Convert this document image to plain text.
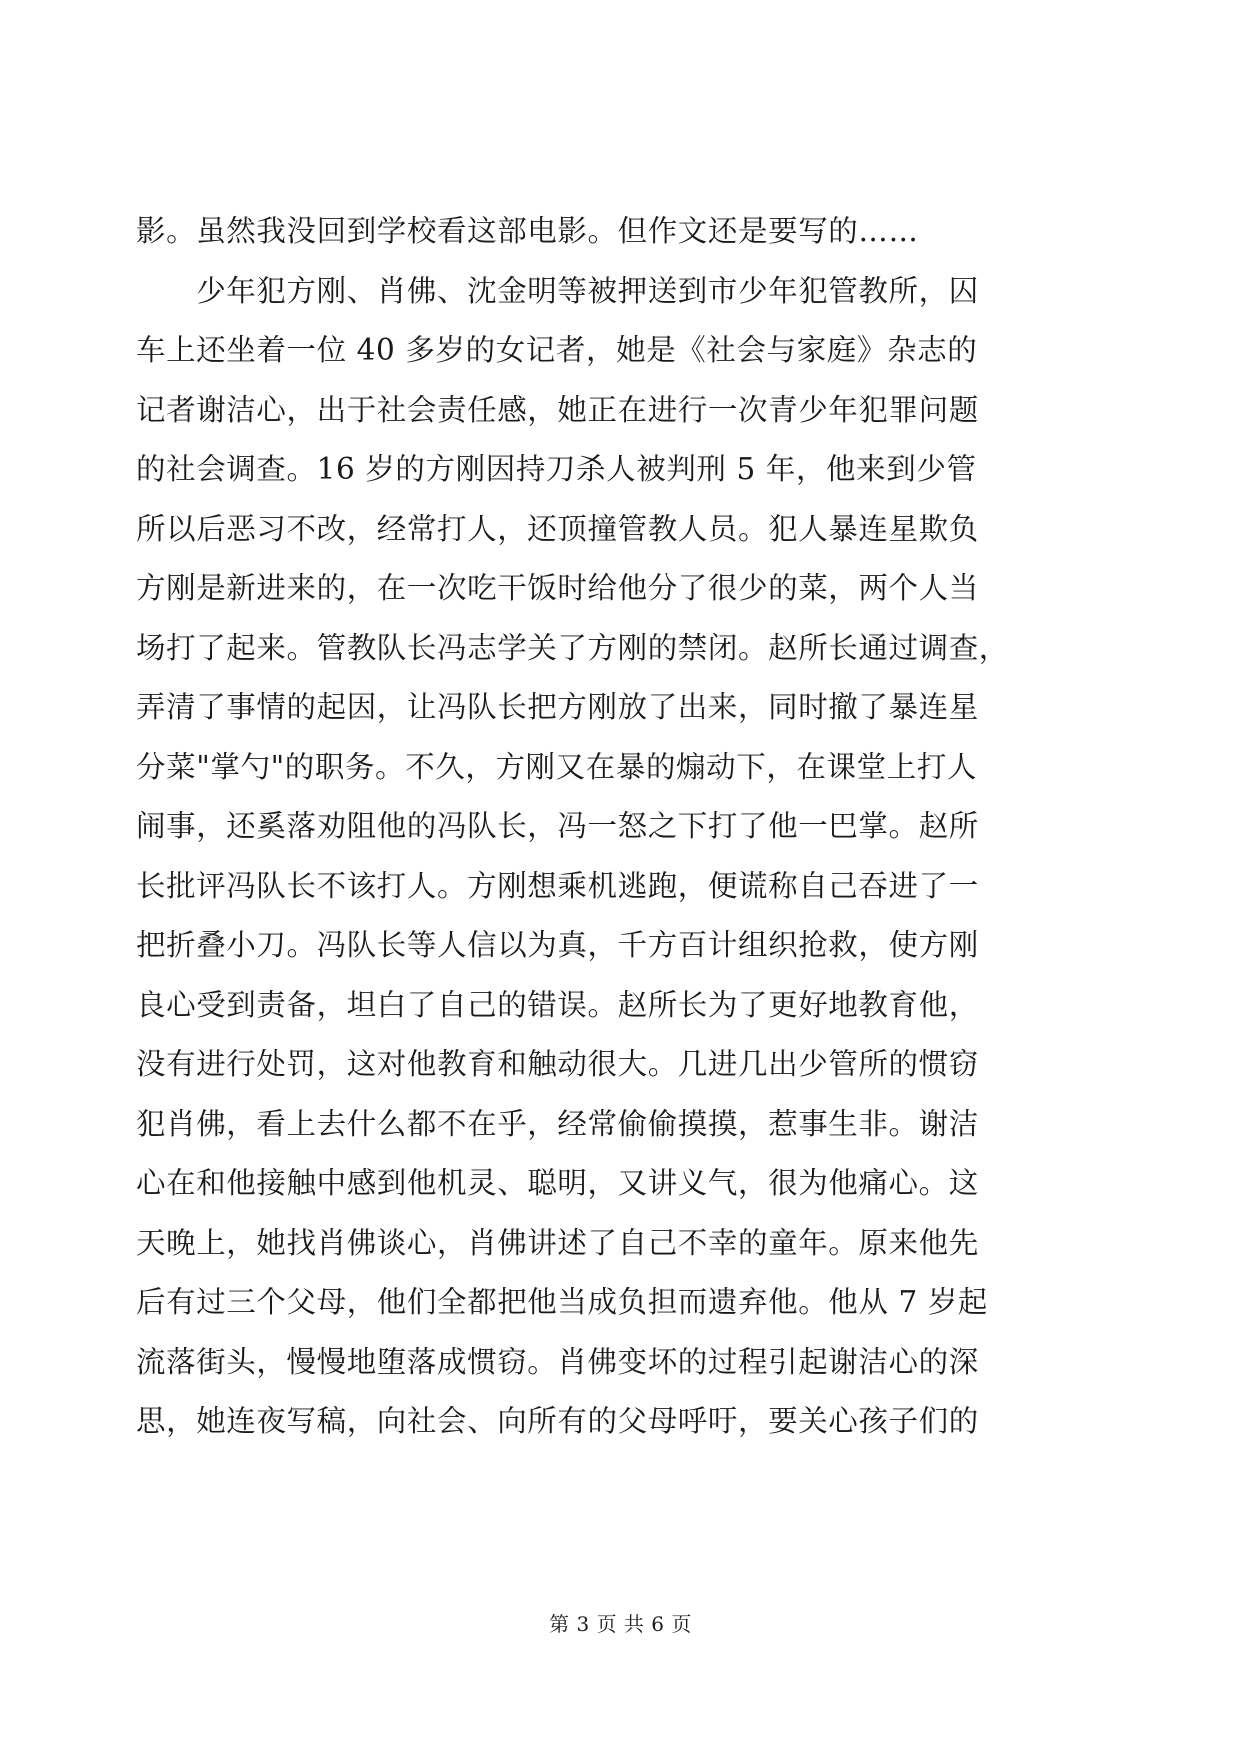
影。虽然我没回到学校看这部电影。但作文还是要写的……
　　少年犯方刚、肖佛、沈金明等被押送到市少年犯管教所，囚
车上还坐着一位 40 多岁的女记者，她是《社会与家庭》杂志的
记者谢洁心，出于社会责任感，她正在进行一次青少年犯罪问题
的社会调查。16 岁的方刚因持刀杀人被判刑 5 年，他来到少管
所以后恶习不改，经常打人，还顶撞管教人员。犯人暴连星欺负
方刚是新进来的，在一次吃干饭时给他分了很少的菜，两个人当
场打了起来。管教队长冯志学关了方刚的禁闭。赵所长通过调查，
弄清了事情的起因，让冯队长把方刚放了出来，同时撤了暴连星
分菜"掌勺"的职务。不久，方刚又在暴的煽动下，在课堂上打人
闹事，还奚落劝阻他的冯队长，冯一怒之下打了他一巴掌。赵所
长批评冯队长不该打人。方刚想乘机逃跑，便谎称自己吞进了一
把折叠小刀。冯队长等人信以为真，千方百计组织抢救，使方刚
良心受到责备，坦白了自己的错误。赵所长为了更好地教育他，
没有进行处罚，这对他教育和触动很大。几进几出少管所的惯窃
犯肖佛，看上去什么都不在乎，经常偷偷摸摸，惹事生非。谢洁
心在和他接触中感到他机灵、聪明，又讲义气，很为他痛心。这
天晚上，她找肖佛谈心，肖佛讲述了自己不幸的童年。原来他先
后有过三个父母，他们全都把他当成负担而遗弃他。他从 7 岁起
流落街头，慢慢地堕落成惯窃。肖佛变坏的过程引起谢洁心的深
思，她连夜写稿，向社会、向所有的父母呼吁，要关心孩子们的
第 3 页 共 6 页
